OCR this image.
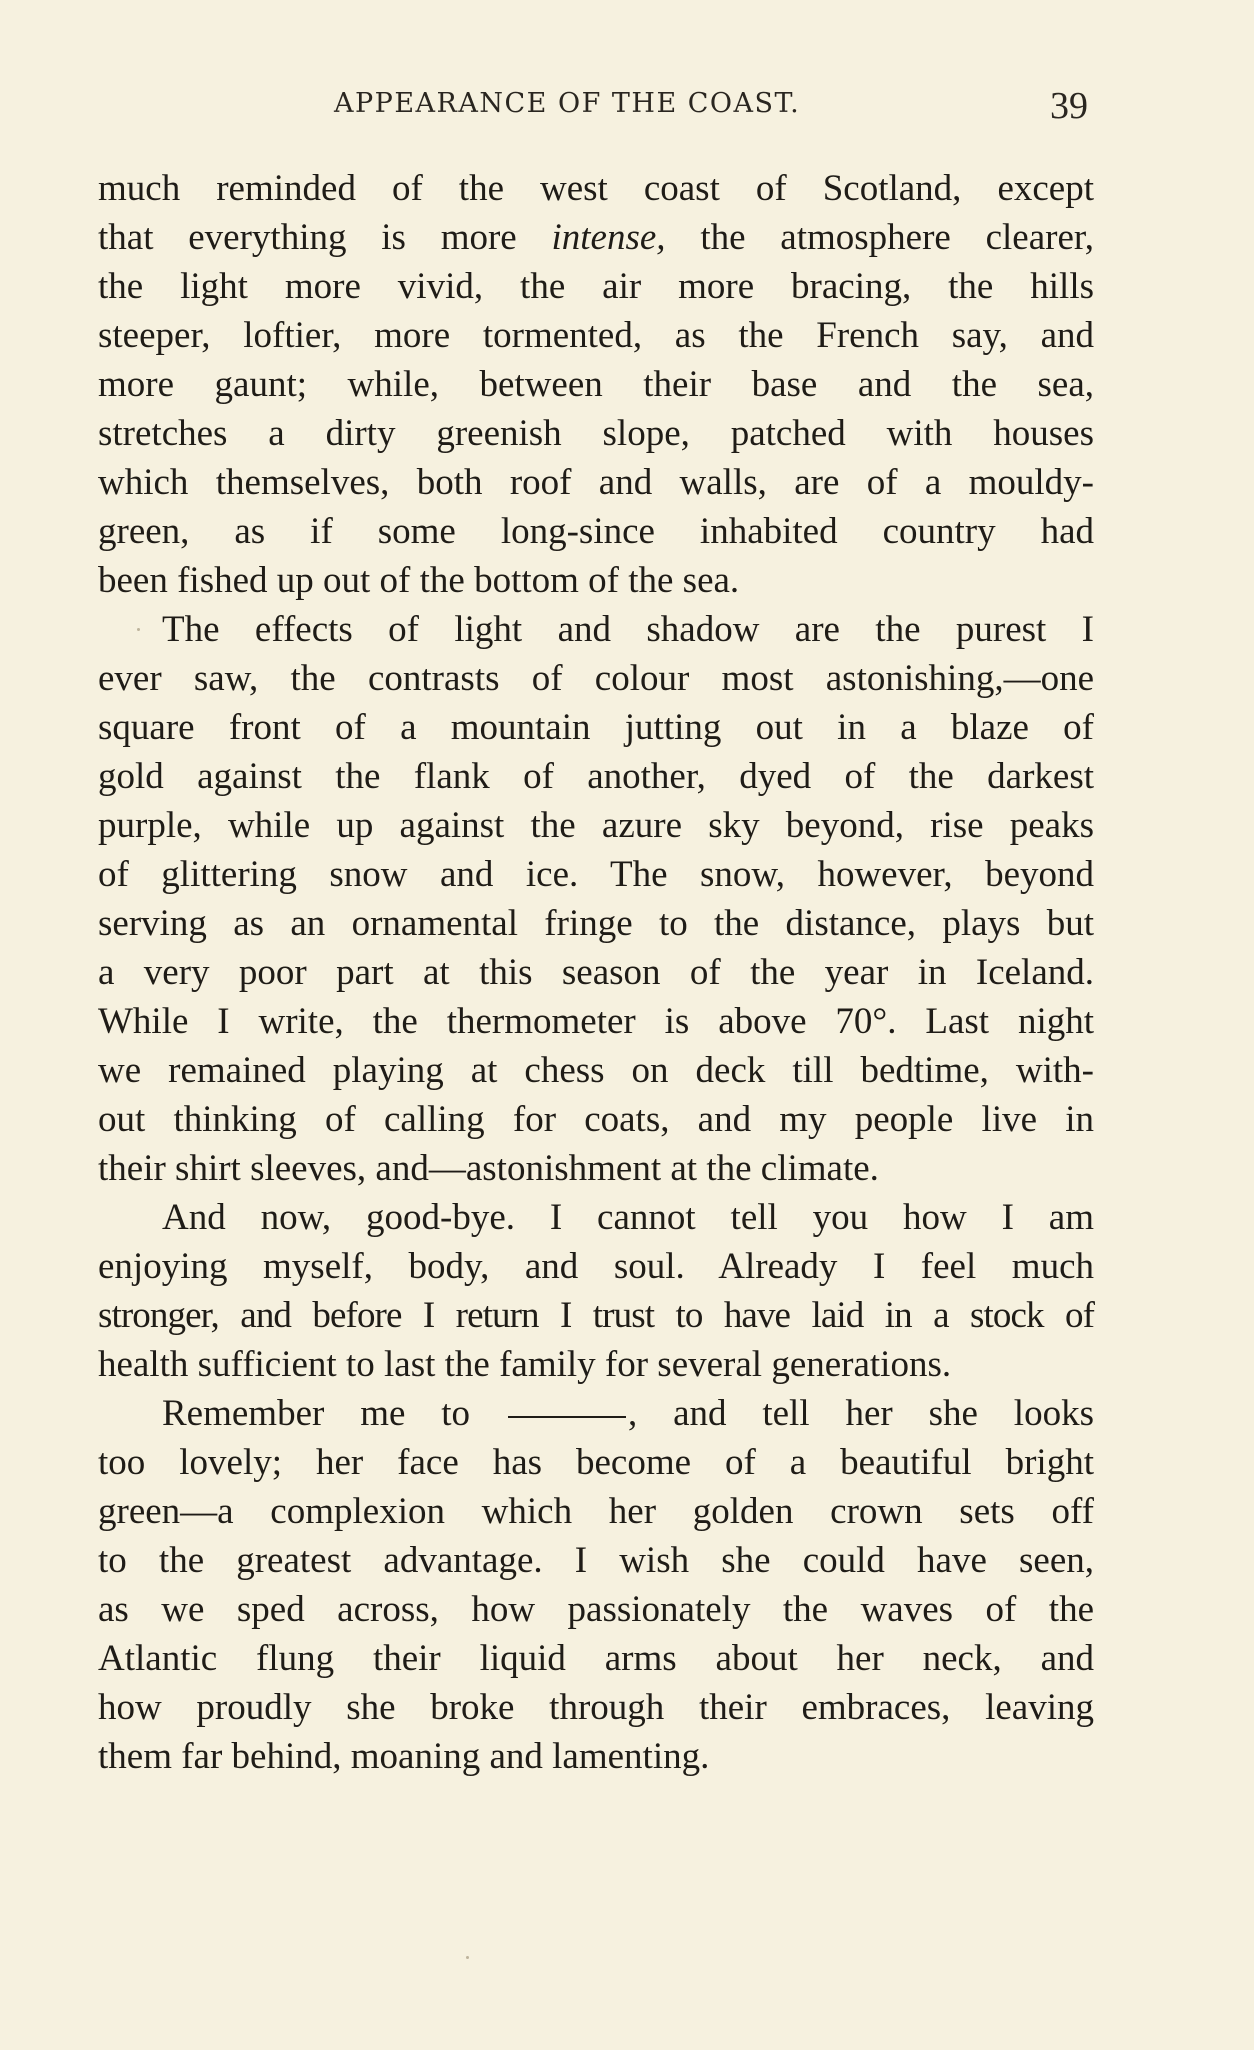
APPEARANCE OF THE COAST.	39
much reminded of the west coast of Scotland, except
that everything is more intense, the atmosphere clearer,
the light more vivid, the air more bracing, the hills
steeper, loftier, more tormented, as the French say, and
more gaunt; while, between their base and the sea,
stretches a dirty greenish slope, patched with houses
which themselves, both roof and walls, are of a mouldy-
green, as if some long-since inhabited country had
been fished up out of the bottom of the sea.
The effects of light and shadow are the purest I
ever saw, the contrasts of colour most astonishing,—one
square front of a mountain jutting out in a blaze of
gold against the flank of another, dyed of the darkest
purple, while up against the azure sky beyond, rise peaks
of glittering snow and ice. The snow, however, beyond
serving as an ornamental fringe to the distance, plays but
a very poor part at this season of the year in Iceland.
While I write, the thermometer is above 70°. Last night
we remained playing at chess on deck till bedtime, with-
out thinking of calling for coats, and my people live in
their shirt sleeves, and—astonishment at the climate.
And now, good-bye. I cannot tell you how I am
enjoying myself, body, and soul. Already I feel much
stronger, and before I return I trust to have laid in a stock of
health sufficient to last the family for several generations.
Remember me to	, and tell her she looks
too lovely; her face has become of a beautiful bright
green—a complexion which her golden crown sets off
to the greatest advantage. I wish she could have seen,
as we sped across, how passionately the waves of the
Atlantic flung their liquid arms about her neck, and
how proudly she broke through their embraces, leaving
them far behind, moaning and lamenting.
